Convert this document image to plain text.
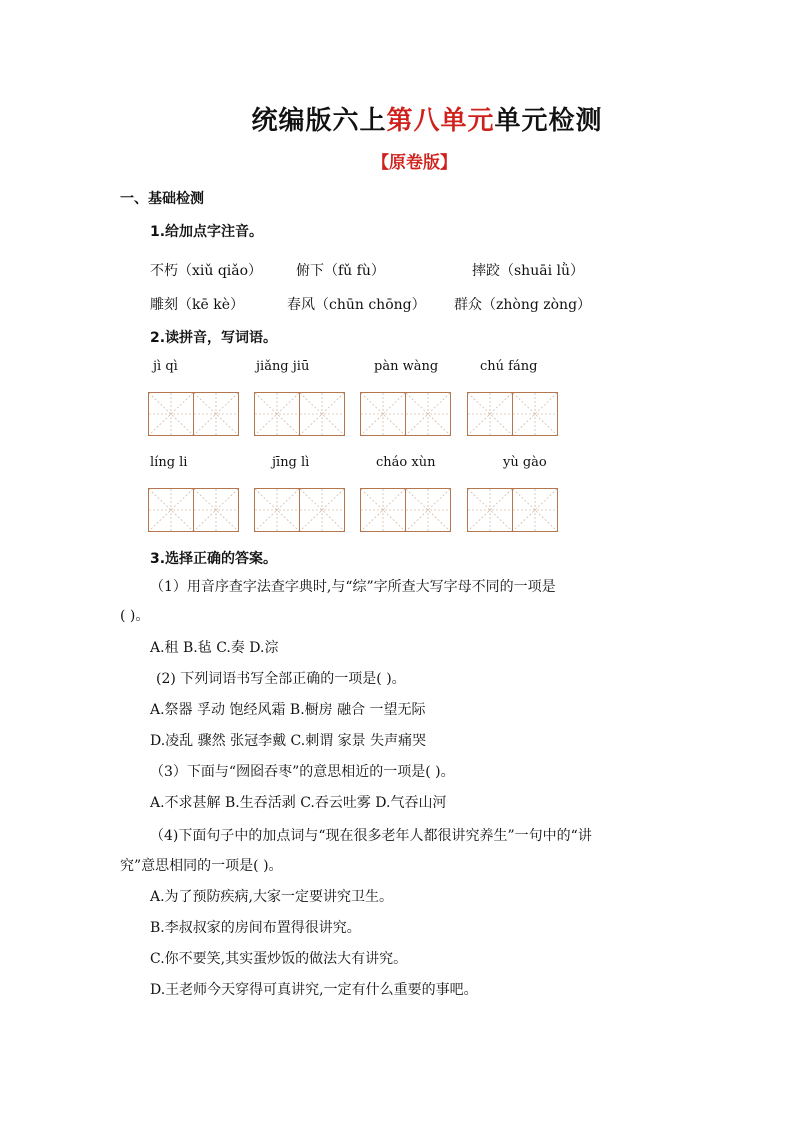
统编版六上第八单元单元检测
【原卷版】
一、基础检测
1.给加点字注音。
不朽（xiǔ qiǎo） 俯下（fǔ fù）	摔跤（shuāi lǜ）
雕刻（kē kè）	春风（chūn chōng） 群众（zhòng zòng）
2.读拼音，写词语。
jì qì	jiǎng jiū	pàn wàng	chú fáng
líng li	jīng lì	cháo xùn	yù gào
3.选择正确的答案。
（1）用音序查字法查字典时,与“综”字所查大写字母不同的一项是
( )。
A.租 B.毡 C.奏 D.淙
(2) 下列词语书写全部正确的一项是( )。
A.祭器 孚动 饱经风霜 B.橱房 融合 一望无际
D.凌乱 骤然 张冠李戴 C.刺谓 家景 失声痛哭
（3）下面与“囫囵吞枣”的意思相近的一项是( )。
A.不求甚解 B.生吞活剥 C.吞云吐雾 D.气吞山河
（4)下面句子中的加点词与“现在很多老年人都很讲究养生”一句中的“讲
究”意思相同的一项是( )。
A.为了预防疾病,大家一定要讲究卫生。
B.李叔叔家的房间布置得很讲究。
C.你不要笑,其实蛋炒饭的做法大有讲究。
D.王老师今天穿得可真讲究,一定有什么重要的事吧。
